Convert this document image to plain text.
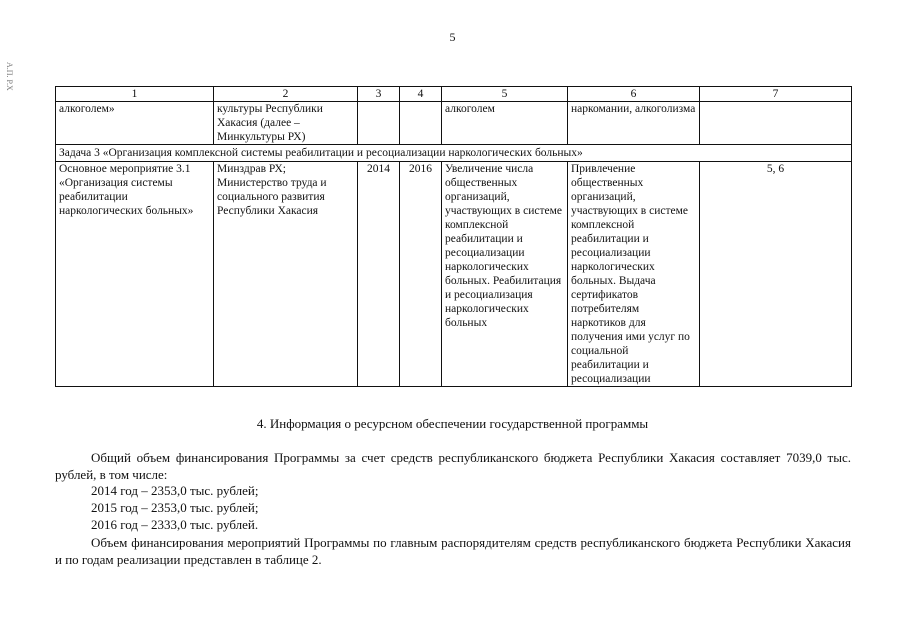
5
А.П. Р.Х
1	2	3	4	5	6	7
алкоголем»	культуры Республики Хакасия (далее – Минкультуры РХ)			алкоголем	наркомании, алкоголизма	
Задача 3 «Организация комплексной системы реабилитации и ресоциализации наркологических больных»						
Основное мероприятие 3.1 «Организация системы реабилитации наркологических больных»	Минздрав РХ; Министерство труда и социального развития Республики Хакасия	2014	2016	Увеличение числа общественных организаций, участвующих в системе комплексной реабилитации и ресоциализации наркологических больных. Реабилитация и ресоциализация наркологических больных	Привлечение общественных организаций, участвующих в системе комплексной реабилитации и ресоциализации наркологических больных. Выдача сертификатов потребителям наркотиков для получения ими услуг по социальной реабилитации и ресоциализации	5, 6
4. Информация о ресурсном обеспечении государственной программы
Общий объем финансирования Программы за счет средств республиканского бюджета Республики Хакасия составляет 7039,0 тыс. рублей, в том числе:
2014 год – 2353,0 тыс. рублей;
2015 год – 2353,0 тыс. рублей;
2016 год – 2333,0 тыс. рублей.
Объем финансирования мероприятий Программы по главным распорядителям средств республиканского бюджета Республики Хакасия и по годам реализации представлен в таблице 2.
